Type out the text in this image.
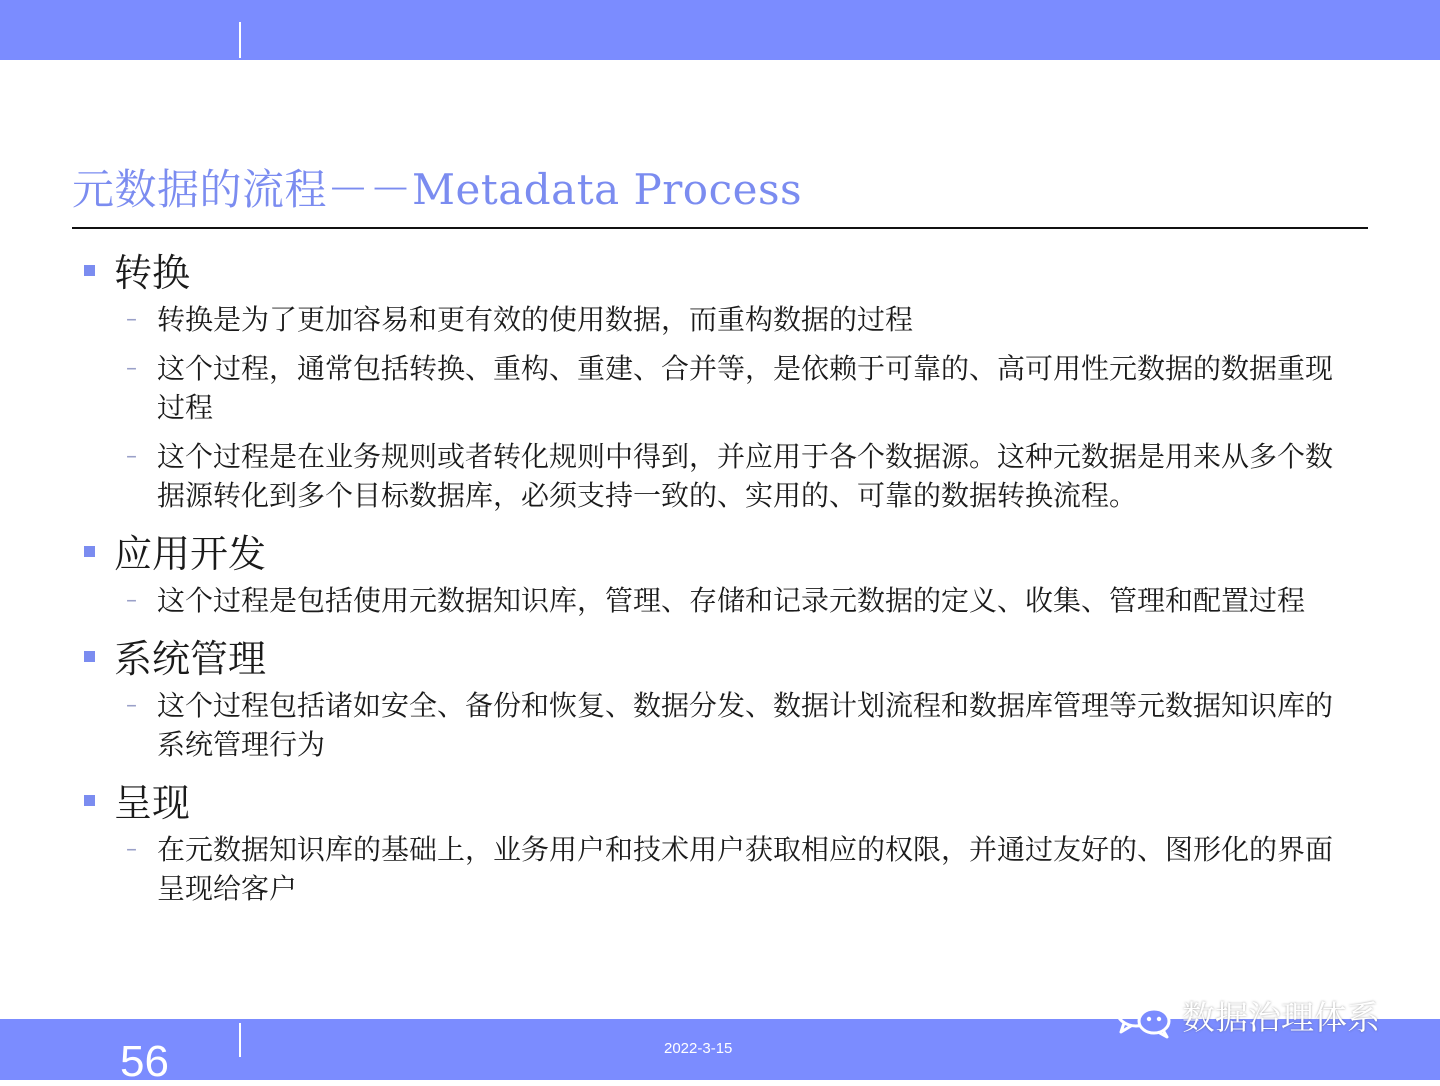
元数据的流程－－Metadata Process
转换
– 转换是为了更加容易和更有效的使用数据，而重构数据的过程
– 这个过程，通常包括转换、重构、重建、合并等，是依赖于可靠的、高可用性元数据的数据重现过程
– 这个过程是在业务规则或者转化规则中得到，并应用于各个数据源。这种元数据是用来从多个数据源转化到多个目标数据库，必须支持一致的、实用的、可靠的数据转换流程。
应用开发
– 这个过程是包括使用元数据知识库，管理、存储和记录元数据的定义、收集、管理和配置过程
系统管理
– 这个过程包括诸如安全、备份和恢复、数据分发、数据计划流程和数据库管理等元数据知识库的系统管理行为
呈现
– 在元数据知识库的基础上，业务用户和技术用户获取相应的权限，并通过友好的、图形化的界面呈现给客户
56	2022-3-15
数据治理体系
